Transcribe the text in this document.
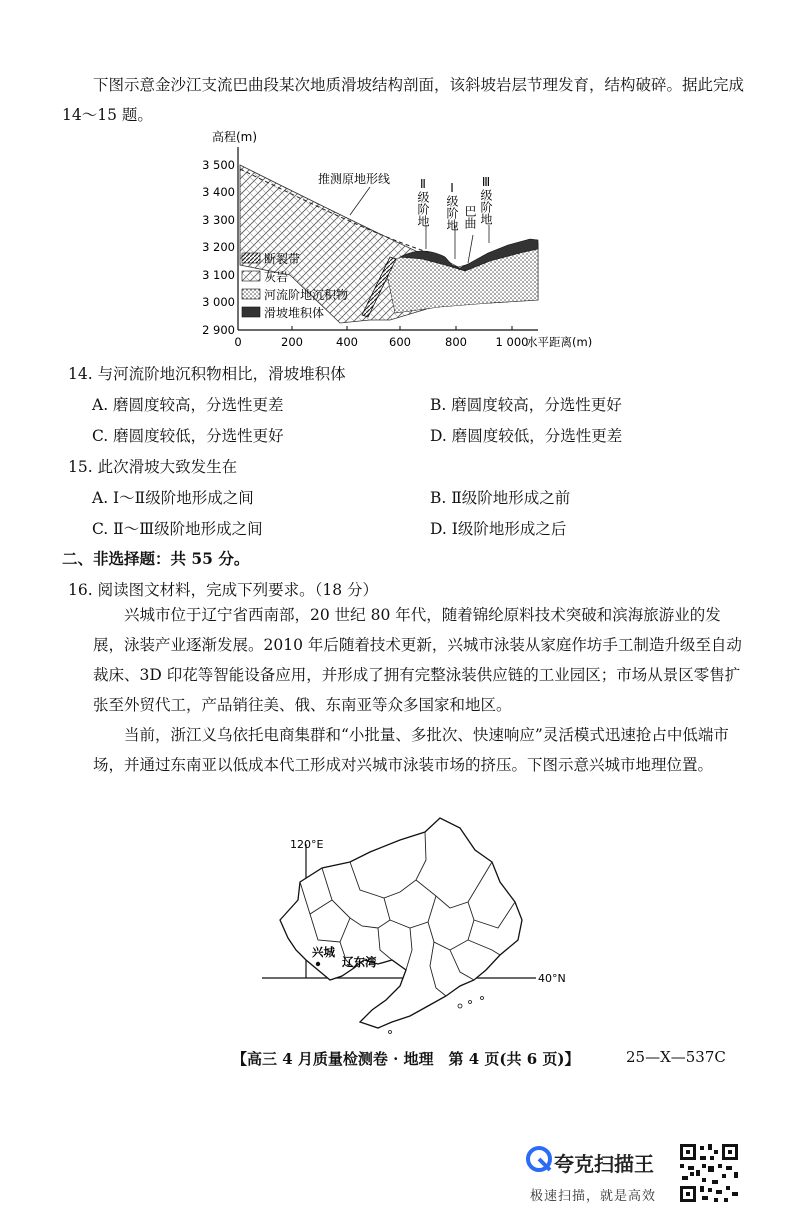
下图示意金沙江支流巴曲段某次地质滑坡结构剖面，该斜坡岩层节理发育，结构破碎。据此完成 14～15 题。
高程(m)
水平距离(m)
3 500
3 400
3 300
3 200
3 100
3 000
2 900
0	200	400	600	800 1 000
推测原地形线 Ⅱ级阶地 Ⅰ级阶地 巴曲 Ⅲ级阶地
断裂带
灰岩
河流阶地沉积物
滑坡堆积体
14. 与河流阶地沉积物相比，滑坡堆积体
A. 磨圆度较高，分选性更差	B. 磨圆度较高，分选性更好
C. 磨圆度较低，分选性更好	D. 磨圆度较低，分选性更差
15. 此次滑坡大致发生在
A. Ⅰ～Ⅱ级阶地形成之间	B. Ⅱ级阶地形成之前
C. Ⅱ～Ⅲ级阶地形成之间	D. Ⅰ级阶地形成之后
二、非选择题：共 55 分。
16. 阅读图文材料，完成下列要求。（18 分）
兴城市位于辽宁省西南部，20 世纪 80 年代，随着锦纶原料技术突破和滨海旅游业的发展，泳装产业逐渐发展。2010 年后随着技术更新，兴城市泳装从家庭作坊手工制造升级至自动裁床、3D 印花等智能设备应用，并形成了拥有完整泳装供应链的工业园区；市场从景区零售扩张至外贸代工，产品销往美、俄、东南亚等众多国家和地区。
当前，浙江义乌依托电商集群和“小批量、多批次、快速响应”灵活模式迅速抢占中低端市场，并通过东南亚以低成本代工形成对兴城市泳装市场的挤压。下图示意兴城市地理位置。
120°E
40°N
兴城
辽东湾
【高三 4 月质量检测卷 · 地理　第 4 页(共 6 页)】	25—X—537C
夸克扫描王
极速扫描，就是高效
